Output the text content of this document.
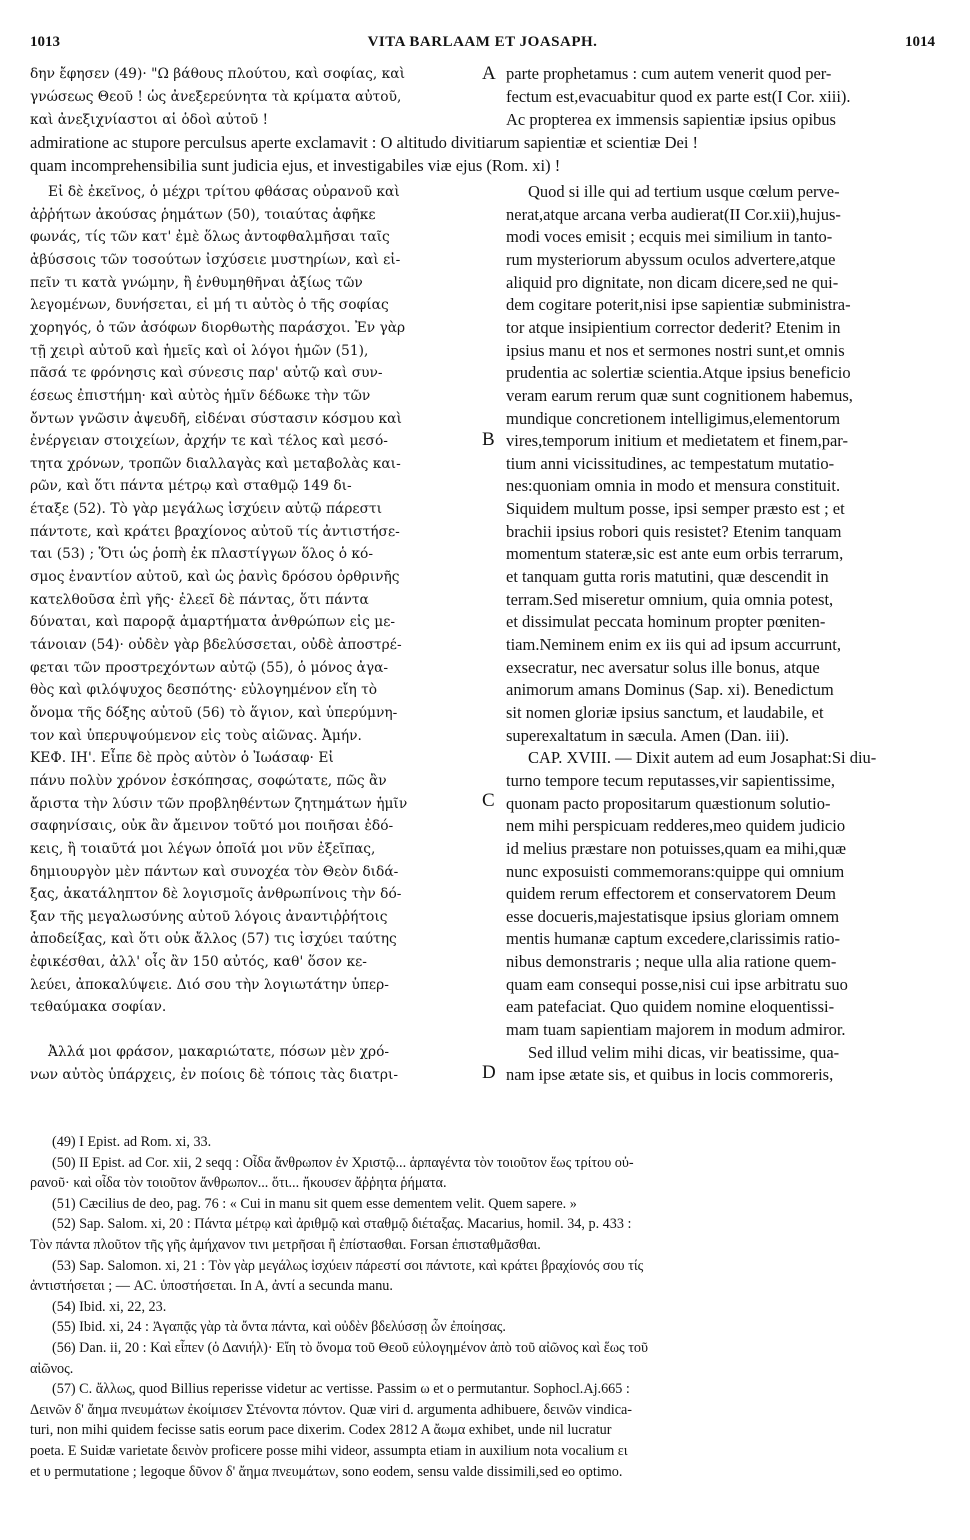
1013	VITA BARLAAM ET JOASAPH.	1014
δην ἔφησεν (49)· "Ω βάθους πλούτου, καὶ σοφίας, καὶ
γνώσεως Θεοῦ ! ὡς ἀνεξερεύνητα τὰ κρίματα αὐτοῦ,
καὶ ἀνεξιχνίαστοι αἱ ὁδοὶ αὐτοῦ !
parte prophetamus : cum autem venerit quod per-
fectum est,evacuabitur quod ex parte est(I Cor. xiii).
Ac propterea ex immensis sapientiæ ipsius opibus
admiratione ac stupore perculsus aperte exclamavit : O altitudo divitiarum sapientiæ et scientiæ Dei !
quam incomprehensibilia sunt judicia ejus, et investigabiles viæ ejus (Rom. xi) !
Εἰ δὲ ἐκεῖνος, ὁ μέχρι τρίτου φθάσας οὐρανοῦ καὶ
ἀῤῥήτων ἀκούσας ῥημάτων (50), τοιαύτας ἀφῆκε
φωνάς, τίς τῶν κατ' ἐμὲ ὅλως ἀντοφθαλμῆσαι ταῖς
ἀβύσσοις τῶν τοσούτων ἰσχύσειε μυστηρίων, καὶ εἰ-
πεῖν τι κατὰ γνώμην, ἢ ἐνθυμηθῆναι ἀξίως τῶν
λεγομένων, δυνήσεται, εἰ μή τι αὐτὸς ὁ τῆς σοφίας
χορηγός, ὁ τῶν ἀσόφων διορθωτὴς παράσχοι. Ἐν γὰρ
τῇ χειρὶ αὐτοῦ καὶ ἡμεῖς καὶ οἱ λόγοι ἡμῶν (51),
πᾶσά τε φρόνησις καὶ σύνεσις παρ' αὐτῷ καὶ συν-
έσεως ἐπιστήμη· καὶ αὐτὸς ἡμῖν δέδωκε τὴν τῶν
ὄντων γνῶσιν ἀψευδῆ, εἰδέναι σύστασιν κόσμου καὶ
ἐνέργειαν στοιχείων, ἀρχήν τε καὶ τέλος καὶ μεσό-
τητα χρόνων, τροπῶν διαλλαγὰς καὶ μεταβολὰς και-
ρῶν, καὶ ὅτι πάντα μέτρῳ καὶ σταθμῷ 149 δι-
έταξε (52). Τὸ γὰρ μεγάλως ἰσχύειν αὐτῷ πάρεστι
πάντοτε, καὶ κράτει βραχίονος αὐτοῦ τίς ἀντιστήσε-
ται (53) ; Ὅτι ὡς ῥοπὴ ἐκ πλαστίγγων ὅλος ὁ κό-
σμος ἐναντίον αὐτοῦ, καὶ ὡς ῥανὶς δρόσου ὀρθρινῆς
κατελθοῦσα ἐπὶ γῆς· ἐλεεῖ δὲ πάντας, ὅτι πάντα
δύναται, καὶ παρορᾷ ἁμαρτήματα ἀνθρώπων εἰς με-
τάνοιαν (54)· οὐδὲν γὰρ βδελύσσεται, οὐδὲ ἀποστρέ-
φεται τῶν προστρεχόντων αὐτῷ (55), ὁ μόνος ἀγα-
θὸς καὶ φιλόψυχος δεσπότης· εὐλογημένον εἴη τὸ
ὄνομα τῆς δόξης αὐτοῦ (56) τὸ ἅγιον, καὶ ὑπερύμνη-
τον καὶ ὑπερυψούμενον εἰς τοὺς αἰῶνας. Ἀμήν.
ΚΕΦ. ΙΗ'. Εἶπε δὲ πρὸς αὐτὸν ὁ Ἰωάσαφ· Εἰ
πάνυ πολὺν χρόνον ἐσκόπησας, σοφώτατε, πῶς ἂν
ἄριστα τὴν λύσιν τῶν προβληθέντων ζητημάτων ἡμῖν
σαφηνίσαις, οὐκ ἂν ἄμεινον τοῦτό μοι ποιῆσαι ἐδό-
κεις, ἢ τοιαῦτά μοι λέγων ὁποῖά μοι νῦν ἐξεῖπας,
δημιουργὸν μὲν πάντων καὶ συνοχέα τὸν Θεὸν διδά-
ξας, ἀκατάληπτον δὲ λογισμοῖς ἀνθρωπίνοις τὴν δό-
ξαν τῆς μεγαλωσύνης αὐτοῦ λόγοις ἀναντιῤῥήτοις
ἀποδείξας, καὶ ὅτι οὐκ ἄλλος (57) τις ἰσχύει ταύτης
ἐφικέσθαι, ἀλλ' οἷς ἂν 150 αὐτός, καθ' ὅσον κε-
λεύει, ἀποκαλύψειε. Διό σου τὴν λογιωτάτην ὑπερ-
τεθαύμακα σοφίαν.
Ἀλλά μοι φράσον, μακαριώτατε, πόσων μὲν χρό-
νων αὐτὸς ὑπάρχεις, ἐν ποίοις δὲ τόποις τὰς διατρι-
Quod si ille qui ad tertium usque cœlum perve-
nerat,atque arcana verba audierat(II Cor.xii),hujus-
modi voces emisit ; ecquis mei similium in tanto-
rum mysteriorum abyssum oculos advertere,atque
aliquid pro dignitate, non dicam dicere,sed ne qui-
dem cogitare poterit,nisi ipse sapientiæ subministra-
tor atque insipientium corrector dederit? Etenim in
ipsius manu et nos et sermones nostri sunt,et omnis
prudentia ac solertiæ scientia.Atque ipsius beneficio
veram earum rerum quæ sunt cognitionem habemus,
mundique concretionem intelligimus,elementorum
vires,temporum initium et medietatem et finem,par-
tium anni vicissitudines, ac tempestatum mutatio-
nes:quoniam omnia in modo et mensura constituit.
Siquidem multum posse, ipsi semper præsto est ; et
brachii ipsius robori quis resistet? Etenim tanquam
momentum stateræ,sic est ante eum orbis terrarum,
et tanquam gutta roris matutini, quæ descendit in
terram.Sed miseretur omnium, quia omnia potest,
et dissimulat peccata hominum propter pœniten-
tiam.Neminem enim ex iis qui ad ipsum accurrunt,
exsecratur, nec aversatur solus ille bonus, atque
animorum amans Dominus (Sap. xi). Benedictum
sit nomen gloriæ ipsius sanctum, et laudabile, et
superexaltatum in sæcula. Amen (Dan. iii).
CAP. XVIII. — Dixit autem ad eum Josaphat:Si diu-
turno tempore tecum reputasses,vir sapientissime,
quonam pacto propositarum quæstionum solutio-
nem mihi perspicuam redderes,meo quidem judicio
id melius præstare non potuisses,quam ea mihi,quæ
nunc exposuisti commemorans:quippe qui omnium
quidem rerum effectorem et conservatorem Deum
esse docueris,majestatisque ipsius gloriam omnem
mentis humanæ captum excedere,clarissimis ratio-
nibus demonstraris ; neque ulla alia ratione quem-
quam eam consequi posse,nisi cui ipse arbitratu suo
eam patefaciat. Quo quidem nomine eloquentissi-
mam tuam sapientiam majorem in modum admiror.
Sed illud velim mihi dicas, vir beatissime, qua-
nam ipse ætate sis, et quibus in locis commoreris,
A
B
C
D
(49) I Epist. ad Rom. xi, 33.
(50) II Epist. ad Cor. xii, 2 seqq : Οἶδα ἄνθρωπον ἐν Χριστῷ... ἁρπαγέντα τὸν τοιοῦτον ἕως τρίτου οὐ-
ρανοῦ· καὶ οἶδα τὸν τοιοῦτον ἄνθρωπον... ὅτι... ἤκουσεν ἄῤῥητα ῥήματα.
(51) Cæcilius de deo, pag. 76 : « Cui in manu sit quem esse dementem velit. Quem sapere. »
(52) Sap. Salom. xi, 20 : Πάντα μέτρῳ καὶ ἀριθμῷ καὶ σταθμῷ διέταξας. Macarius, homil. 34, p. 433 :
Τὸν πάντα πλοῦτον τῆς γῆς ἀμήχανον τινι μετρῆσαι ἢ ἐπίστασθαι. Forsan ἐπισταθμᾶσθαι.
(53) Sap. Salomon. xi, 21 : Τὸν γὰρ μεγάλως ἰσχύειν πάρεστί σοι πάντοτε, καὶ κράτει βραχίονός σου τίς
ἀντιστήσεται ; — AC. ὑποστήσεται. In A, ἀντί a secunda manu.
(54) Ibid. xi, 22, 23.
(55) Ibid. xi, 24 : Ἀγαπᾷς γὰρ τὰ ὄντα πάντα, καὶ οὐδὲν βδελύσσῃ ὧν ἐποίησας.
(56) Dan. ii, 20 : Καὶ εἶπεν (ὁ Δανιήλ)· Εἴη τὸ ὄνομα τοῦ Θεοῦ εὐλογημένον ἀπὸ τοῦ αἰῶνος καὶ ἕως τοῦ
αἰῶνος.
(57) C. ἄλλως, quod Billius reperisse videtur ac vertisse. Passim ω et ο permutantur. Sophocl.Aj.665 :
Δεινῶν δ' ἄημα πνευμάτων ἐκοίμισεν Στένοντα πόντον. Quæ viri d. argumenta adhibuere, δεινῶν vindica-
turi, non mihi quidem fecisse satis eorum pace dixerim. Codex 2812 A ἄωμα exhibet, unde nil lucratur
poeta. E Suidæ varietate δεινὸν proficere posse mihi videor, assumpta etiam in auxilium nota vocalium ει
et υ permutatione ; legoque δῦνον δ' ἄημα πνευμάτων, sono eodem, sensu valde dissimili,sed eo optimo.
